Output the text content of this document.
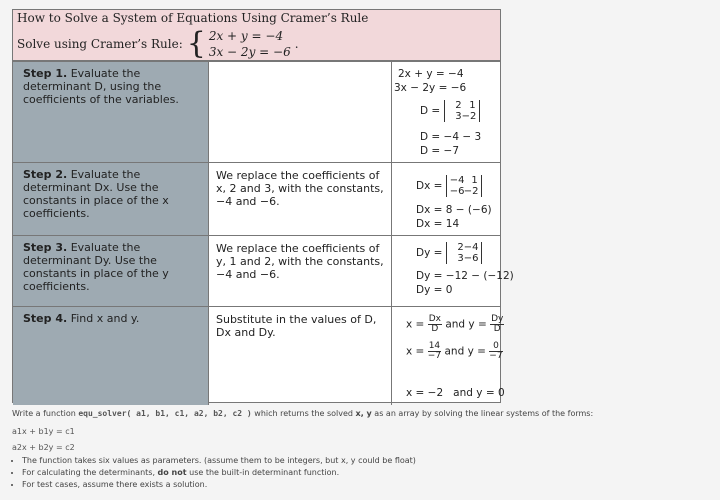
How to Solve a System of Equations Using Cramer’s Rule
Solve using Cramer’s Rule: { 2x + y = −4
3x − 2y = −6
.
Step 1. Evaluate the determinant D, using the coefficients of the variables.
2x + y = −4
3x − 2y = −6
D = 2 1
3−2
D = −4 − 3
D = −7
Step 2. Evaluate the determinant Dx. Use the constants in place of the x coefficients.
We replace the coefficients of x, 2 and 3, with the constants, −4 and −6.
Dx = −4 1
−6−2
Dx = 8 − (−6)
Dx = 14
Step 3. Evaluate the determinant Dy. Use the constants in place of the y coefficients.
We replace the coefficients of y, 1 and 2, with the constants, −4 and −6.
Dy = 2−4
3−6
Dy = −12 − (−12)
Dy = 0
Step 4. Find x and y.	Substitute in the values of D, Dx and Dy.
$x = \frac{Dx}{D}$ and $y = \frac{Dy}{D}$
$x = \frac{14}{-7}$ and $y = \frac{0}{-7}$
x = −2   and y = 0
Write a function equ_solver( a1, b1, c1, a2, b2, c2 ) which returns the solved x, y as an array by solving the linear systems of the forms:
a1x + b1y = c1
a2x + b2y = c2
• The function takes six values as parameters. (assume them to be integers, but x, y could be float)
• For calculating the determinants, do not use the built-in determinant function.
• For test cases, assume there exists a solution.
